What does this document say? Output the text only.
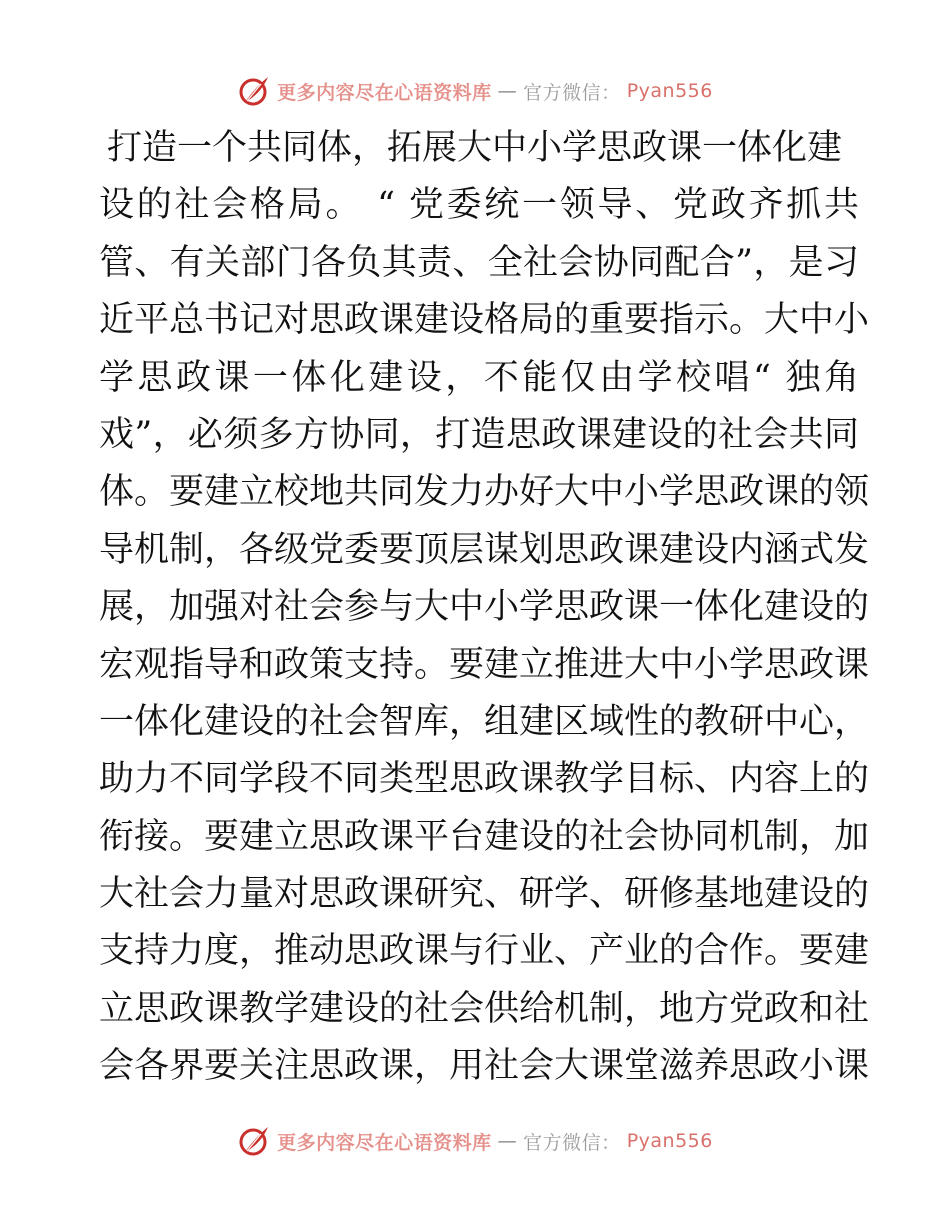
更多内容尽在心语资料库 — 官方微信： Pyan556
打造一个共同体，拓展大中小学思政课一体化建
设的社会格局。 “ 党委统一领导、党政齐抓共
管、有关部门各负其责、全社会协同配合”，是习
近平总书记对思政课建设格局的重要指示。大中小
学思政课一体化建设，不能仅由学校唱“ 独角
戏”，必须多方协同，打造思政课建设的社会共同
体。要建立校地共同发力办好大中小学思政课的领
导机制，各级党委要顶层谋划思政课建设内涵式发
展，加强对社会参与大中小学思政课一体化建设的
宏观指导和政策支持。要建立推进大中小学思政课
一体化建设的社会智库，组建区域性的教研中心，
助力不同学段不同类型思政课教学目标、内容上的
衔接。要建立思政课平台建设的社会协同机制，加
大社会力量对思政课研究、研学、研修基地建设的
支持力度，推动思政课与行业、产业的合作。要建
立思政课教学建设的社会供给机制，地方党政和社
会各界要关注思政课，用社会大课堂滋养思政小课
更多内容尽在心语资料库 — 官方微信： Pyan556
